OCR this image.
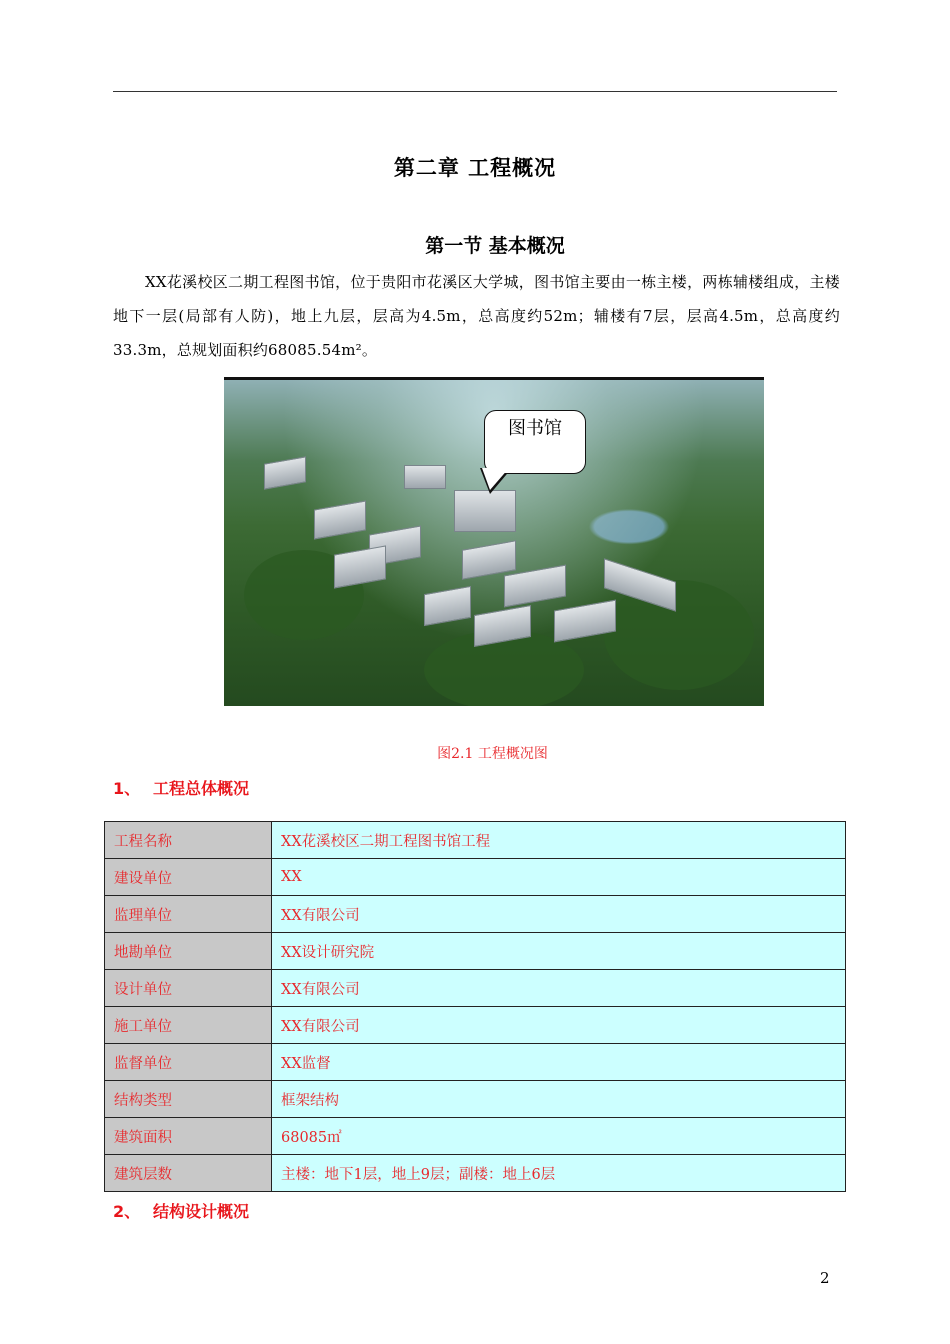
第二章 工程概况
第一节 基本概况
XX花溪校区二期工程图书馆，位于贵阳市花溪区大学城，图书馆主要由一栋主楼，两栋辅楼组成，主楼地下一层(局部有人防)，地上九层，层高为4.5m，总高度约52m；辅楼有7层，层高4.5m，总高度约33.3m，总规划面积约68085.54m²。
图书馆
图2.1 工程概况图
1、 工程总体概况
工程名称	XX花溪校区二期工程图书馆工程
建设单位	XX
监理单位	XX有限公司
地勘单位	XX设计研究院
设计单位	XX有限公司
施工单位	XX有限公司
监督单位	XX监督
结构类型	框架结构
建筑面积	68085㎡
建筑层数	主楼：地下1层，地上9层；副楼：地上6层
2、 结构设计概况
2
